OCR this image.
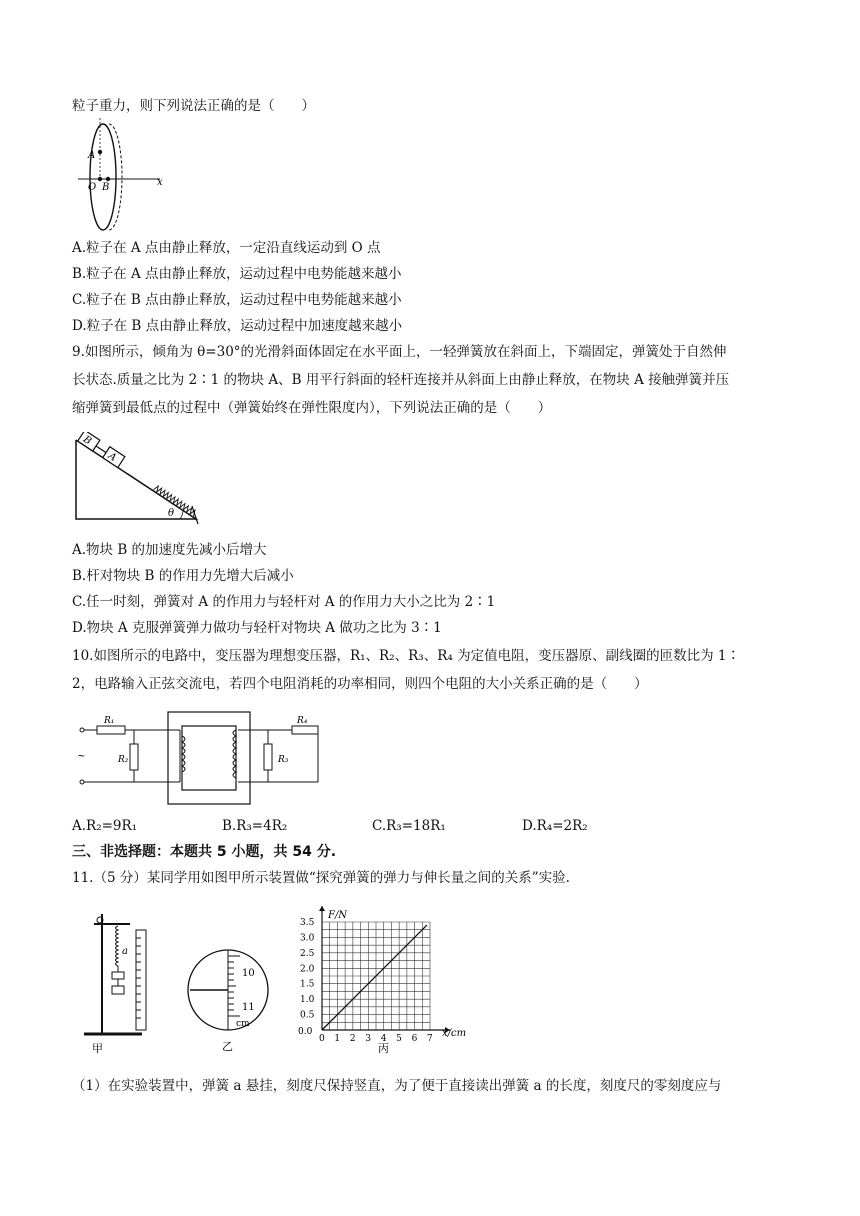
粒子重力，则下列说法正确的是（　　）
A
O B	x
A.粒子在 A 点由静止释放，一定沿直线运动到 O 点
B.粒子在 A 点由静止释放，运动过程中电势能越来越小
C.粒子在 B 点由静止释放，运动过程中电势能越来越小
D.粒子在 B 点由静止释放，运动过程中加速度越来越小
9.如图所示，倾角为 θ=30°的光滑斜面体固定在水平面上，一轻弹簧放在斜面上，下端固定，弹簧处于自然伸
长状态.质量之比为 2∶1 的物块 A、B 用平行斜面的轻杆连接并从斜面上由静止释放，在物块 A 接触弹簧并压
缩弹簧到最低点的过程中（弹簧始终在弹性限度内），下列说法正确的是（　　）
B
A
θ
A.物块 B 的加速度先减小后增大
B.杆对物块 B 的作用力先增大后减小
C.任一时刻，弹簧对 A 的作用力与轻杆对 A 的作用力大小之比为 2∶1
D.物块 A 克服弹簧弹力做功与轻杆对物块 A 做功之比为 3∶1
10.如图所示的电路中，变压器为理想变压器，R₁、R₂、R₃、R₄ 为定值电阻，变压器原、副线圈的匝数比为 1∶
2，电路输入正弦交流电，若四个电阻消耗的功率相同，则四个电阻的大小关系正确的是（　　）
~
R₁
R₂
R₄
R₃
A.R₂=9R₁	B.R₃=4R₂	C.R₃=18R₁	D.R₄=2R₂
三、非选择题：本题共 5 小题，共 54 分.
11.（5 分）某同学用如图甲所示装置做“探究弹簧的弹力与伸长量之间的关系”实验.
a
甲
10
11
cm
乙
0 1 2 3 4 5 6 7
0.5
1.0
1.5
2.0
2.5
3.0
3.5
0.0
F/N
x/cm
丙
（1）在实验装置中，弹簧 a 悬挂，刻度尺保持竖直，为了便于直接读出弹簧 a 的长度，刻度尺的零刻度应与
